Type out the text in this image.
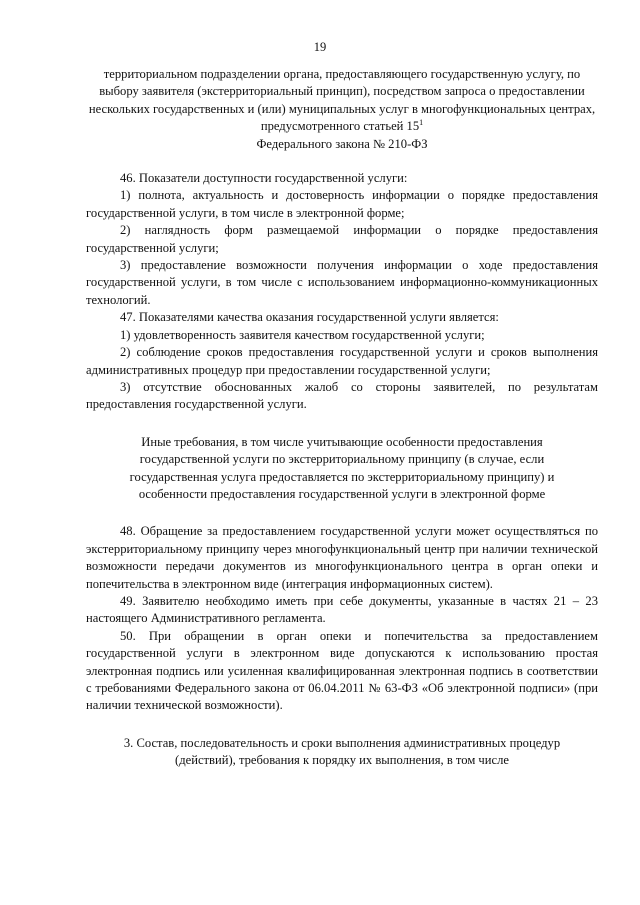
19

территориальном подразделении органа, предоставляющего государственную услугу, по выбору заявителя (экстерриториальный принцип), посредством запроса о предоставлении нескольких государственных и (или) муниципальных услуг в многофункциональных центрах, предусмотренного статьей $15^1$
Федерального закона № 210-ФЗ

46. Показатели доступности государственной услуги:

1) полнота, актуальность и достоверность информации о порядке предоставления государственной услуги, в том числе в электронной форме;

2) наглядность форм размещаемой информации о порядке предоставления государственной услуги;

3) предоставление возможности получения информации о ходе предоставления государственной услуги, в том числе с использованием информационно-коммуникационных технологий.

47. Показателями качества оказания государственной услуги является:

1) удовлетворенность заявителя качеством государственной услуги;

2) соблюдение сроков предоставления государственной услуги и сроков выполнения административных процедур при предоставлении государственной услуги;

3) отсутствие обоснованных жалоб со стороны заявителей, по результатам предоставления государственной услуги.

Иные требования, в том числе учитывающие особенности предоставления государственной услуги по экстерриториальному принципу (в случае, если государственная услуга предоставляется по экстерриториальному принципу) и особенности предоставления государственной услуги в электронной форме

48. Обращение за предоставлением государственной услуги может осуществляться по экстерриториальному принципу через многофункциональный центр при наличии технической возможности передачи документов из многофункционального центра в орган опеки и попечительства в электронном виде (интеграция информационных систем).

49. Заявителю необходимо иметь при себе документы, указанные в частях 21 – 23 настоящего Административного регламента.

50. При обращении в орган опеки и попечительства за предоставлением государственной услуги в электронном виде допускаются к использованию простая электронная подпись или усиленная квалифицированная электронная подпись в соответствии с требованиями Федерального закона от 06.04.2011 № 63-ФЗ «Об электронной подписи» (при наличии технической возможности).

3. Состав, последовательность и сроки выполнения административных процедур (действий), требования к порядку их выполнения, в том числе
